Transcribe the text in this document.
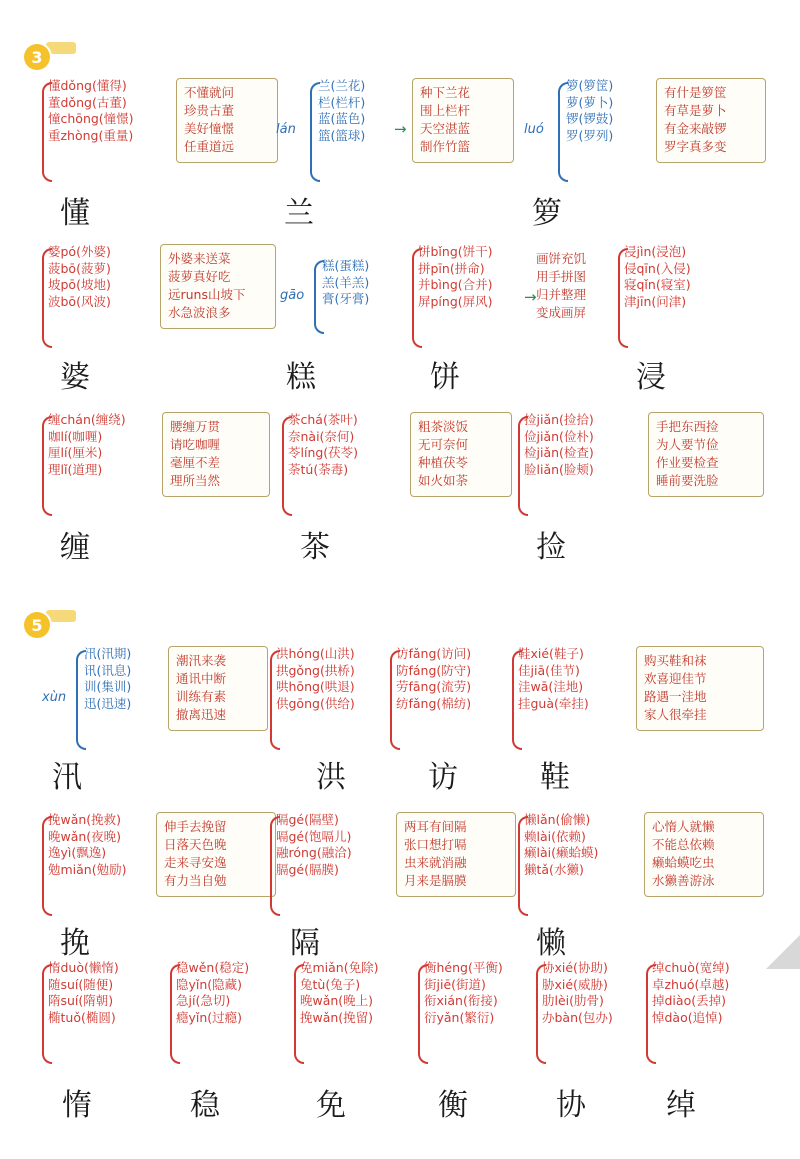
3
懂dǒng(懂得)
董dǒng(古董)
憧chōng(憧憬)
重zhòng(重量)
懂
不懂就问
珍贵古董
美好憧憬
任重道远
lán
兰(兰花)
栏(栏杆)
蓝(蓝色)
篮(篮球)
兰
→
种下兰花
围上栏杆
天空湛蓝
制作竹篮
luó
箩(箩筐)
萝(萝卜)
锣(锣鼓)
罗(罗列)
箩
有什是箩筐
有草是萝卜
有金来敲锣
罗字真多变
婆pó(外婆)
菠bō(菠萝)
坡pō(坡地)
波bō(风波)
婆
外婆来送菜
菠萝真好吃
远runs山坡下
水急波浪多
gāo
糕(蛋糕)
羔(羊羔)
膏(牙膏)
糕
饼bǐng(饼干)
拼pīn(拼命)
并bìng(合并)
屏píng(屏风)
饼
→
画饼充饥
用手拼图
归并整理
变成画屏
浸jìn(浸泡)
侵qīn(入侵)
寝qǐn(寝室)
津jīn(问津)
浸
缠chán(缠绕)
咖lí(咖喱)
厘lí(厘米)
理lǐ(道理)
缠
腰缠万贯
请吃咖喱
毫厘不差
理所当然
茶chá(茶叶)
奈nài(奈何)
苓líng(茯苓)
荼tú(荼毒)
茶
粗茶淡饭
无可奈何
种植茯苓
如火如荼
捡jiǎn(捡拾)
俭jiǎn(俭朴)
检jiǎn(检查)
脸liǎn(脸颊)
捡
手把东西捡
为人要节俭
作业要检查
睡前要洗脸
5
xùn
汛(汛期)
讯(讯息)
训(集训)
迅(迅速)
汛
潮汛来袭
通讯中断
训练有素
撤离迅速
洪hóng(山洪)
拱gǒng(拱桥)
哄hōng(哄退)
供gōng(供给)
洪
访fǎng(访问)
防fáng(防守)
劳fāng(流劳)
纺fǎng(棉纺)
访
鞋xié(鞋子)
佳jiā(佳节)
洼wā(洼地)
挂guà(牵挂)
鞋
购买鞋和袜
欢喜迎佳节
路遇一洼地
家人很牵挂
挽wǎn(挽救)
晚wǎn(夜晚)
逸yì(飘逸)
勉miǎn(勉励)
挽
伸手去挽留
日落天色晚
走来寻安逸
有力当自勉
隔gé(隔壁)
嗝gé(饱嗝儿)
融róng(融洽)
膈gé(膈膜)
隔
两耳有间隔
张口想打嗝
虫来就消融
月来是膈膜
懒lǎn(偷懒)
赖lài(依赖)
癞lài(癞蛤蟆)
獭tǎ(水獭)
懒
心惰人就懒
不能总依赖
癞蛤蟆吃虫
水獭善游泳
惰duò(懒惰)
随suí(随便)
隋suí(隋朝)
椭tuǒ(椭圆)
惰
稳wěn(稳定)
隐yǐn(隐藏)
急jí(急切)
瘾yǐn(过瘾)
稳
免miǎn(免除)
兔tù(兔子)
晚wǎn(晚上)
挽wǎn(挽留)
免
衡héng(平衡)
街jiē(街道)
衔xián(衔接)
衍yǎn(繁衍)
衡
协xié(协助)
胁xié(威胁)
肋lèi(肋骨)
办bàn(包办)
协
绰chuò(宽绰)
卓zhuó(卓越)
掉diào(丢掉)
悼dào(追悼)
绰
